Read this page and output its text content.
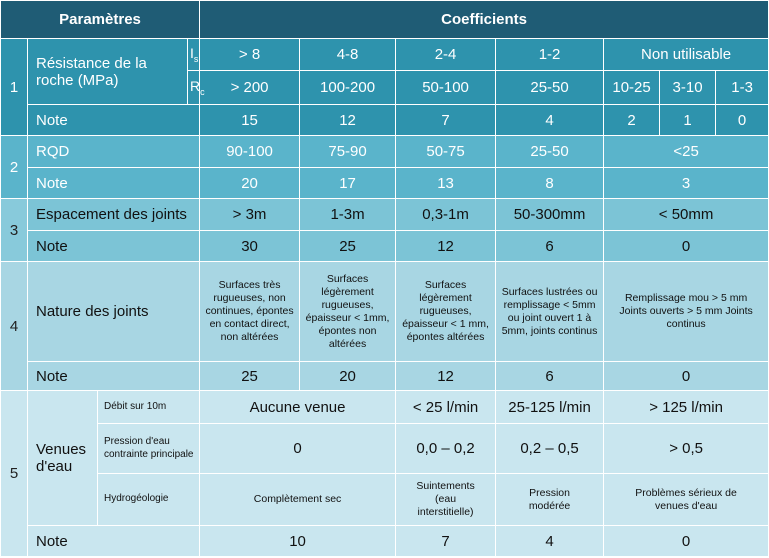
Paramètres				Coefficients						
1	Résistance de la roche (MPa)		$I_s$	> 8	4-8	2-4	1-2	Non utilisable		
			$R_c$	> 200	100-200	50-100	25-50	10-25	3-10	1-3
	Note			15	12	7	4	2	1	0
2	RQD			90-100	75-90	50-75	25-50	<25		
	Note			20	17	13	8	3		
3	Espacement des joints			> 3m	1-3m	0,3-1m	50-300mm	< 50mm		
	Note			30	25	12	6	0		
4	Nature des joints			Surfaces très rugueuses, non continues, épontes en contact direct, non altérées	Surfaces légèrement rugueuses, épaisseur < 1mm, épontes non altérées	Surfaces légèrement rugueuses, épaisseur < 1 mm, épontes altérées	Surfaces lustrées ou remplissage < 5mm ou joint ouvert 1 à 5mm, joints continus	Remplissage mou > 5 mm Joints ouverts > 5 mm Joints continus		
	Note			25	20	12	6	0		
5	Venues d'eau	Débit sur 10m		Aucune venue		< 25 l/min	25-125 l/min	> 125 l/min		
		Pression d'eau contrainte principale		0		0,0 – 0,2	0,2 – 0,5	> 0,5		
		Hydrogéologie		Complètement sec		Suintements (eau interstitielle)	Pression modérée	Problèmes sérieux de venues d'eau		
	Note			10		7	4	0		
